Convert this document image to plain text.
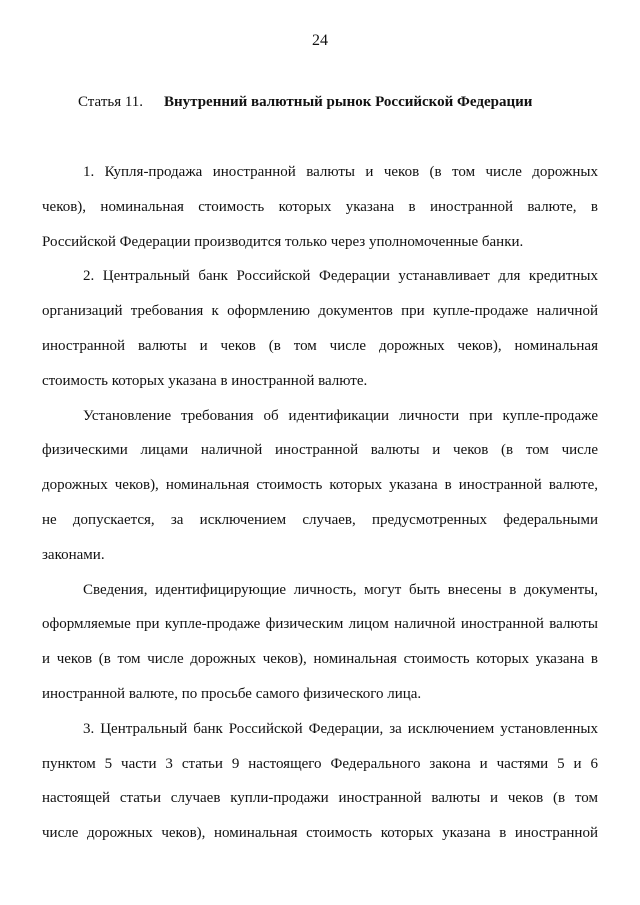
24
Статья 11. Внутренний валютный рынок Российской Федерации
1. Купля-продажа иностранной валюты и чеков (в том числе дорожных
чеков), номинальная стоимость которых указана в иностранной валюте, в
Российской Федерации производится только через уполномоченные банки.
2. Центральный банк Российской Федерации устанавливает для кредитных
организаций требования к оформлению документов при купле-продаже наличной
иностранной валюты и чеков (в том числе дорожных чеков), номинальная
стоимость которых указана в иностранной валюте.
Установление требования об идентификации личности при купле-продаже
физическими лицами наличной иностранной валюты и чеков (в том числе
дорожных чеков), номинальная стоимость которых указана в иностранной валюте,
не допускается, за исключением случаев, предусмотренных федеральными
законами.
Сведения, идентифицирующие личность, могут быть внесены в документы,
оформляемые при купле-продаже физическим лицом наличной иностранной валюты
и чеков (в том числе дорожных чеков), номинальная стоимость которых указана в
иностранной валюте, по просьбе самого физического лица.
3. Центральный банк Российской Федерации, за исключением установленных
пунктом 5 части 3 статьи 9 настоящего Федерального закона и частями 5 и 6
настоящей статьи случаев купли-продажи иностранной валюты и чеков (в том
числе дорожных чеков), номинальная стоимость которых указана в иностранной
